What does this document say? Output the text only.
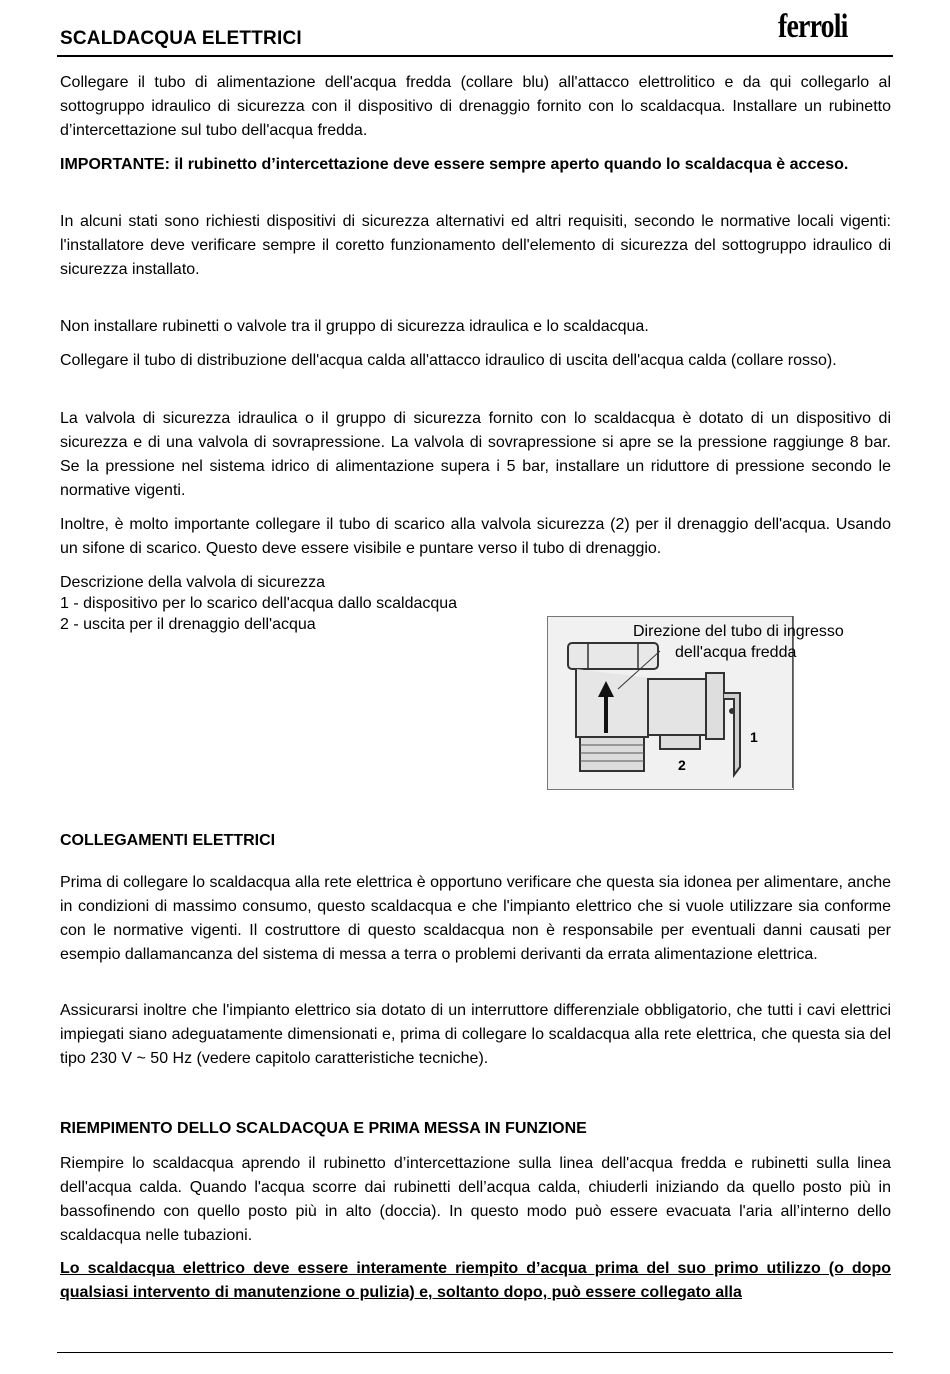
SCALDACQUA ELETTRICI	ferroli

Collegare il tubo di alimentazione dell'acqua fredda (collare blu) all'attacco elettrolitico e da qui collegarlo al sottogruppo idraulico di sicurezza con il dispositivo di drenaggio fornito con lo scaldacqua. Installare un rubinetto d’intercettazione sul tubo dell'acqua fredda.

IMPORTANTE: il rubinetto d’intercettazione deve essere sempre aperto quando lo scaldacqua è acceso.

In alcuni stati sono richiesti dispositivi di sicurezza alternativi ed altri requisiti, secondo le normative locali vigenti: l'installatore deve verificare sempre il coretto funzionamento dell'elemento di sicurezza del sottogruppo idraulico di sicurezza installato.

Non installare rubinetti o valvole tra il gruppo di sicurezza idraulica e lo scaldacqua.

Collegare il tubo di distribuzione dell'acqua calda all'attacco idraulico di uscita dell'acqua calda (collare rosso).

La valvola di sicurezza idraulica o il gruppo di sicurezza fornito con lo scaldacqua è dotato di un dispositivo di sicurezza e di una valvola di sovrapressione. La valvola di sovrapressione si apre se la pressione raggiunge 8 bar. Se la pressione nel sistema idrico di alimentazione supera i 5 bar, installare un riduttore di pressione secondo le normative vigenti.

Inoltre, è molto importante collegare il tubo di scarico alla valvola sicurezza (2) per il drenaggio dell'acqua. Usando un sifone di scarico. Questo deve essere visibile e puntare verso il tubo di drenaggio.

Descrizione della valvola di sicurezza
1 - dispositivo per lo scarico dell'acqua dallo scaldacqua
2 - uscita per il drenaggio dell'acqua
1
2
Direzione del tubo di ingresso
dell'acqua fredda
COLLEGAMENTI ELETTRICI

Prima di collegare lo scaldacqua alla rete elettrica è opportuno verificare che questa sia idonea per alimentare, anche in condizioni di massimo consumo, questo scaldacqua e che l'impianto elettrico che si vuole utilizzare sia conforme con le normative vigenti. Il costruttore di questo scaldacqua non è responsabile per eventuali danni causati per esempio dallamancanza del sistema di messa a terra o problemi derivanti da errata alimentazione elettrica.

Assicurarsi inoltre che l'impianto elettrico sia dotato di un interruttore differenziale obbligatorio, che tutti i cavi elettrici impiegati siano adeguatamente dimensionati e, prima di collegare lo scaldacqua alla rete elettrica, che questa sia del tipo 230 V ~ 50 Hz (vedere capitolo caratteristiche tecniche).

RIEMPIMENTO DELLO SCALDACQUA E PRIMA MESSA IN FUNZIONE

Riempire lo scaldacqua aprendo il rubinetto d’intercettazione sulla linea dell'acqua fredda e rubinetti sulla linea dell'acqua calda. Quando l'acqua scorre dai rubinetti dell’acqua calda, chiuderli iniziando da quello posto più in bassofinendo con quello posto più in alto (doccia). In questo modo può essere evacuata l'aria all’interno dello scaldacqua nelle tubazioni.

Lo scaldacqua elettrico deve essere interamente riempito d’acqua prima del suo primo utilizzo (o dopo qualsiasi intervento di manutenzione o pulizia) e, soltanto dopo, può essere collegato alla
